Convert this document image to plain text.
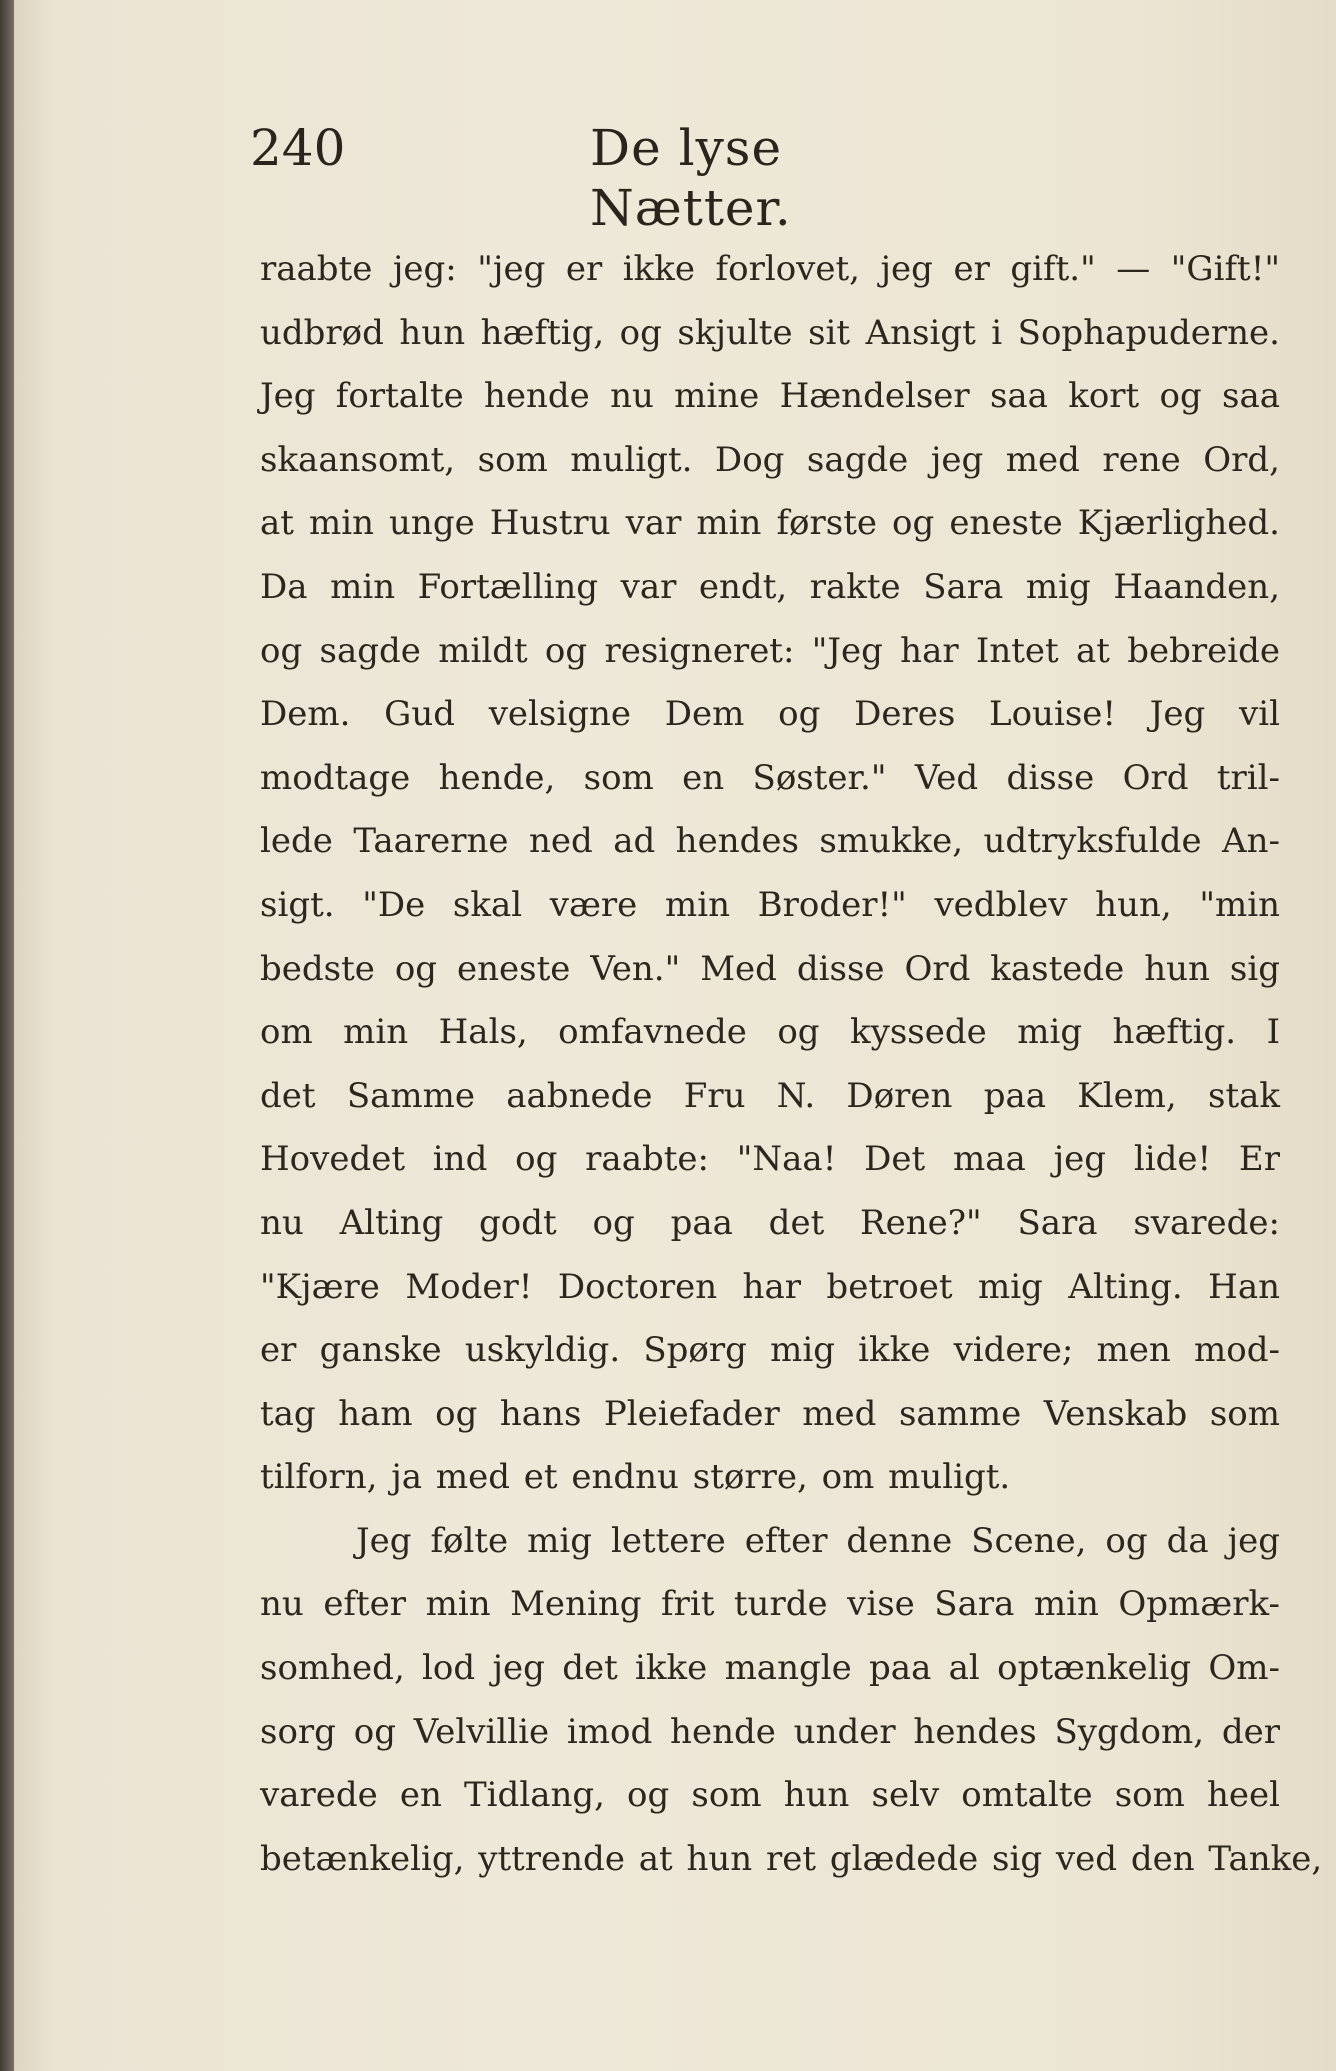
240	De lyse Nætter.
raabte jeg: "jeg er ikke forlovet, jeg er gift." — "Gift!"
udbrød hun hæftig, og skjulte sit Ansigt i Sophapuderne.
Jeg fortalte hende nu mine Hændelser saa kort og saa
skaansomt, som muligt. Dog sagde jeg med rene Ord,
at min unge Hustru var min første og eneste Kjærlighed.
Da min Fortælling var endt, rakte Sara mig Haanden,
og sagde mildt og resigneret: "Jeg har Intet at bebreide
Dem. Gud velsigne Dem og Deres Louise! Jeg vil
modtage hende, som en Søster." Ved disse Ord tril-
lede Taarerne ned ad hendes smukke, udtryksfulde An-
sigt. "De skal være min Broder!" vedblev hun, "min
bedste og eneste Ven." Med disse Ord kastede hun sig
om min Hals, omfavnede og kyssede mig hæftig. I
det Samme aabnede Fru N. Døren paa Klem, stak
Hovedet ind og raabte: "Naa! Det maa jeg lide! Er
nu Alting godt og paa det Rene?" Sara svarede:
"Kjære Moder! Doctoren har betroet mig Alting. Han
er ganske uskyldig. Spørg mig ikke videre; men mod-
tag ham og hans Pleiefader med samme Venskab som
tilforn, ja med et endnu større, om muligt.
Jeg følte mig lettere efter denne Scene, og da jeg
nu efter min Mening frit turde vise Sara min Opmærk-
somhed, lod jeg det ikke mangle paa al optænkelig Om-
sorg og Velvillie imod hende under hendes Sygdom, der
varede en Tidlang, og som hun selv omtalte som heel
betænkelig, yttrende at hun ret glædede sig ved den Tanke,
